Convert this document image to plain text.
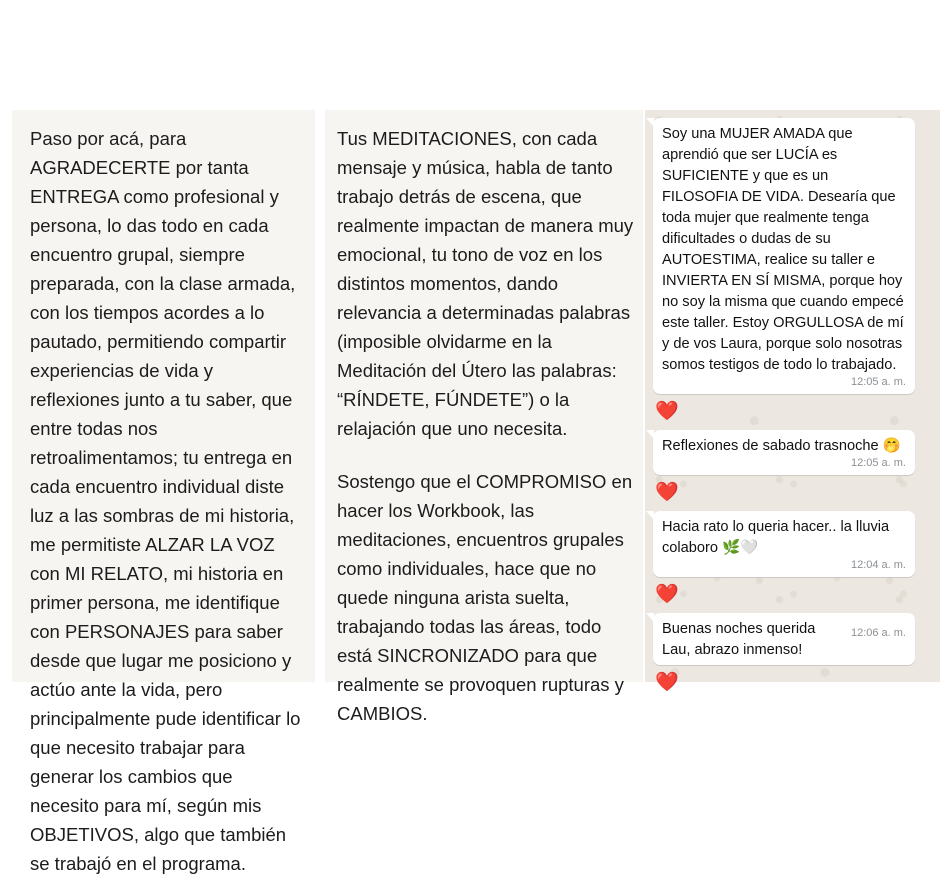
Paso por acá, para AGRADECERTE por tanta ENTREGA como profesional y persona, lo das todo en cada encuentro grupal, siempre preparada, con la clase armada, con los tiempos acordes a lo pautado, permitiendo compartir experiencias de vida y reflexiones junto a tu saber, que entre todas nos retroalimentamos; tu entrega en cada encuentro individual diste luz a las sombras de mi historia, me permitiste ALZAR LA VOZ con MI RELATO, mi historia en primer persona, me identifique con PERSONAJES para saber desde que lugar me posiciono y actúo ante la vida, pero principalmente pude identificar lo que necesito trabajar para generar los cambios que necesito para mí, según mis OBJETIVOS, algo que también se trabajó en el programa.

Tus MEDITACIONES, con cada mensaje y música, habla de tanto trabajo detrás de escena, que realmente impactan de manera muy emocional, tu tono de voz en los distintos momentos, dando relevancia a determinadas palabras (imposible olvidarme en la Meditación del Útero las palabras: “RÍNDETE, FÚNDETE”) o la relajación que uno necesita.

Sostengo que el COMPROMISO en hacer los Workbook, las meditaciones, encuentros grupales como individuales, hace que no quede ninguna arista suelta, trabajando todas las áreas, todo está SINCRONIZADO para que realmente se provoquen rupturas y CAMBIOS.

Soy una MUJER AMADA que aprendió que ser LUCÍA es SUFICIENTE y que es un FILOSOFIA DE VIDA. Desearía que toda mujer que realmente tenga dificultades o dudas de su AUTOESTIMA, realice su taller e INVIERTA EN SÍ MISMA, porque hoy no soy la misma que cuando empecé este taller. Estoy ORGULLOSA de mí y de vos Laura, porque solo nosotras somos testigos de todo lo trabajado.
12:05 a. m.
❤️
Reflexiones de sabado trasnoche 🤭
12:05 a. m.
❤️
Hacia rato lo queria hacer.. la lluvia colaboro 🌿🤍
12:04 a. m.
❤️
12:06 a. m.
Buenas noches querida Lau, abrazo inmenso!
❤️
